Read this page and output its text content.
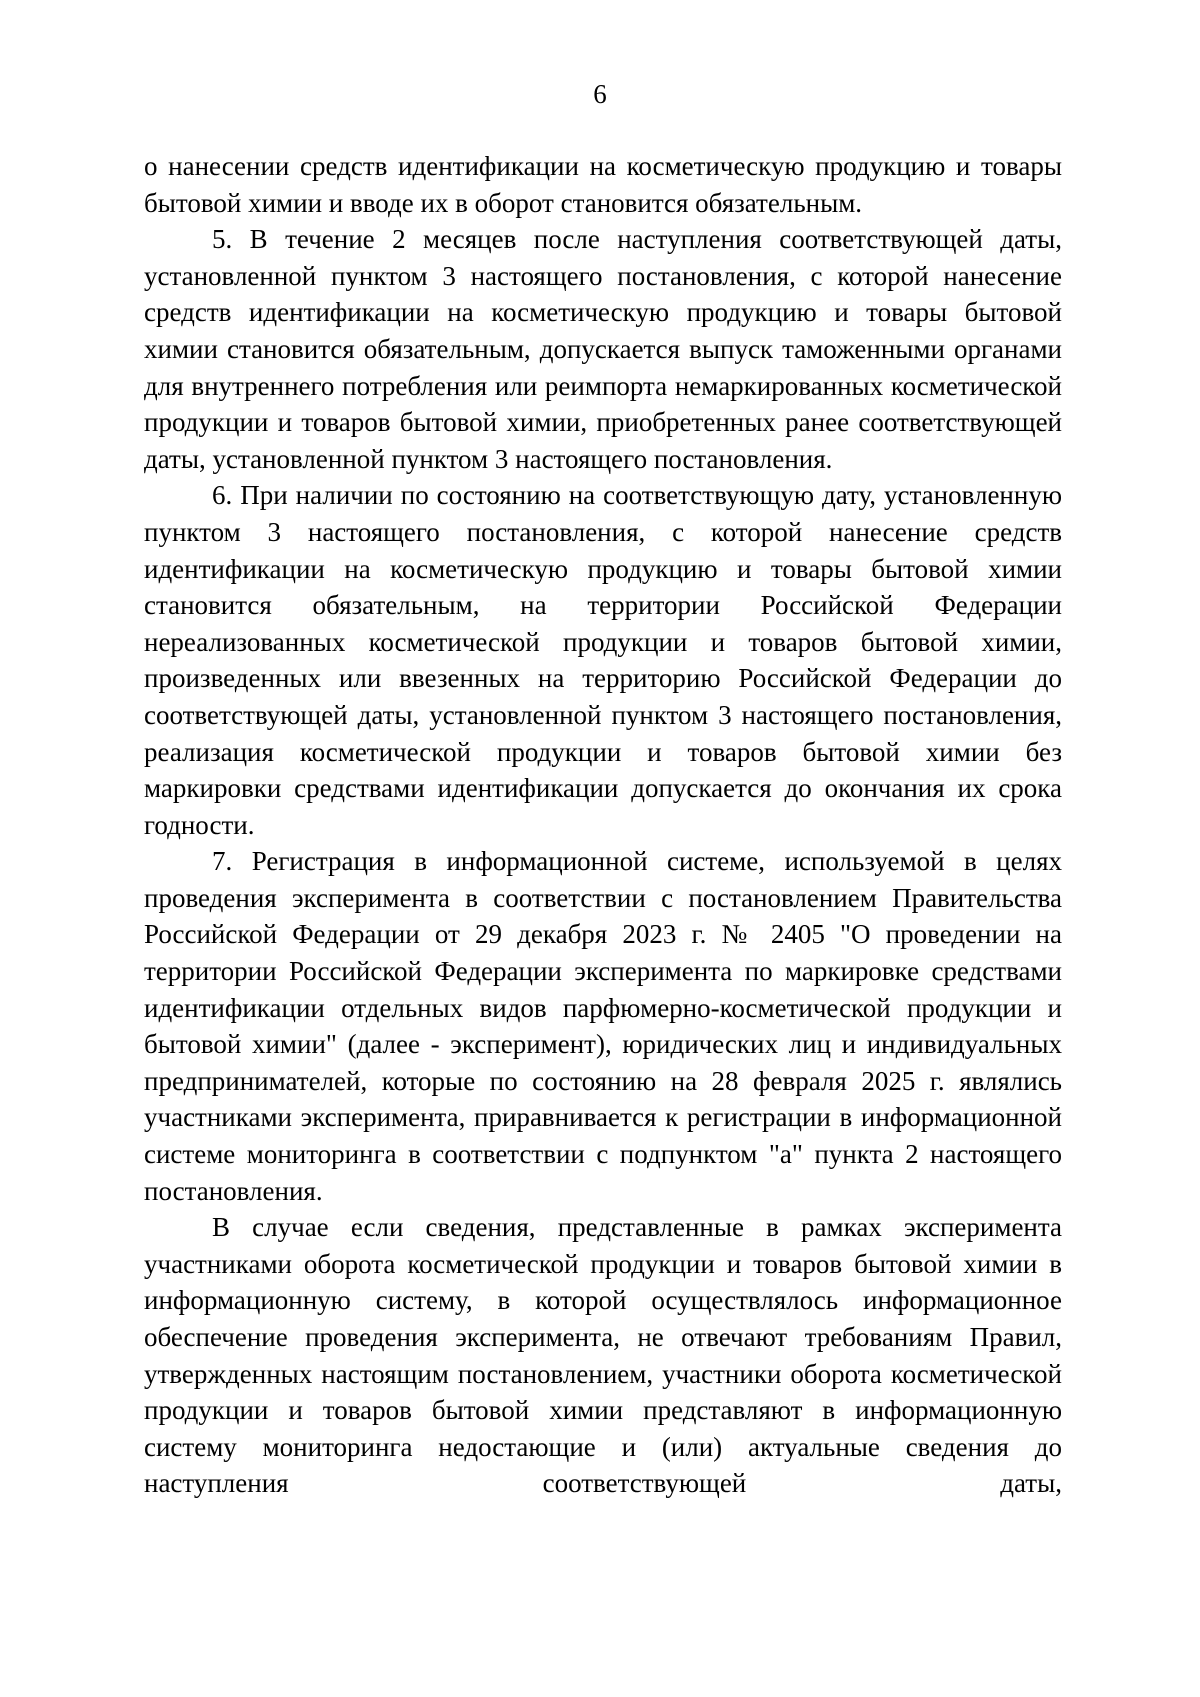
6

о нанесении средств идентификации на косметическую продукцию и товары бытовой химии и вводе их в оборот становится обязательным.

5. В течение 2 месяцев после наступления соответствующей даты, установленной пунктом 3 настоящего постановления, с которой нанесение средств идентификации на косметическую продукцию и товары бытовой химии становится обязательным, допускается выпуск таможенными органами для внутреннего потребления или реимпорта немаркированных косметической продукции и товаров бытовой химии, приобретенных ранее соответствующей даты, установленной пунктом 3 настоящего постановления.

6. При наличии по состоянию на соответствующую дату, установленную пунктом 3 настоящего постановления, с которой нанесение средств идентификации на косметическую продукцию и товары бытовой химии становится обязательным, на территории Российской Федерации нереализованных косметической продукции и товаров бытовой химии, произведенных или ввезенных на территорию Российской Федерации до соответствующей даты, установленной пунктом 3 настоящего постановления, реализация косметической продукции и товаров бытовой химии без маркировки средствами идентификации допускается до окончания их срока годности.

7. Регистрация в информационной системе, используемой в целях проведения эксперимента в соответствии с постановлением Правительства Российской Федерации от 29 декабря 2023 г. № 2405 "О проведении на территории Российской Федерации эксперимента по маркировке средствами идентификации отдельных видов парфюмерно-косметической продукции и бытовой химии" (далее - эксперимент), юридических лиц и индивидуальных предпринимателей, которые по состоянию на 28 февраля 2025 г. являлись участниками эксперимента, приравнивается к регистрации в информационной системе мониторинга в соответствии с подпунктом "а" пункта 2 настоящего постановления.

В случае если сведения, представленные в рамках эксперимента участниками оборота косметической продукции и товаров бытовой химии в информационную систему, в которой осуществлялось информационное обеспечение проведения эксперимента, не отвечают требованиям Правил, утвержденных настоящим постановлением, участники оборота косметической продукции и товаров бытовой химии представляют в информационную систему мониторинга недостающие и (или) актуальные сведения до наступления соответствующей даты,
